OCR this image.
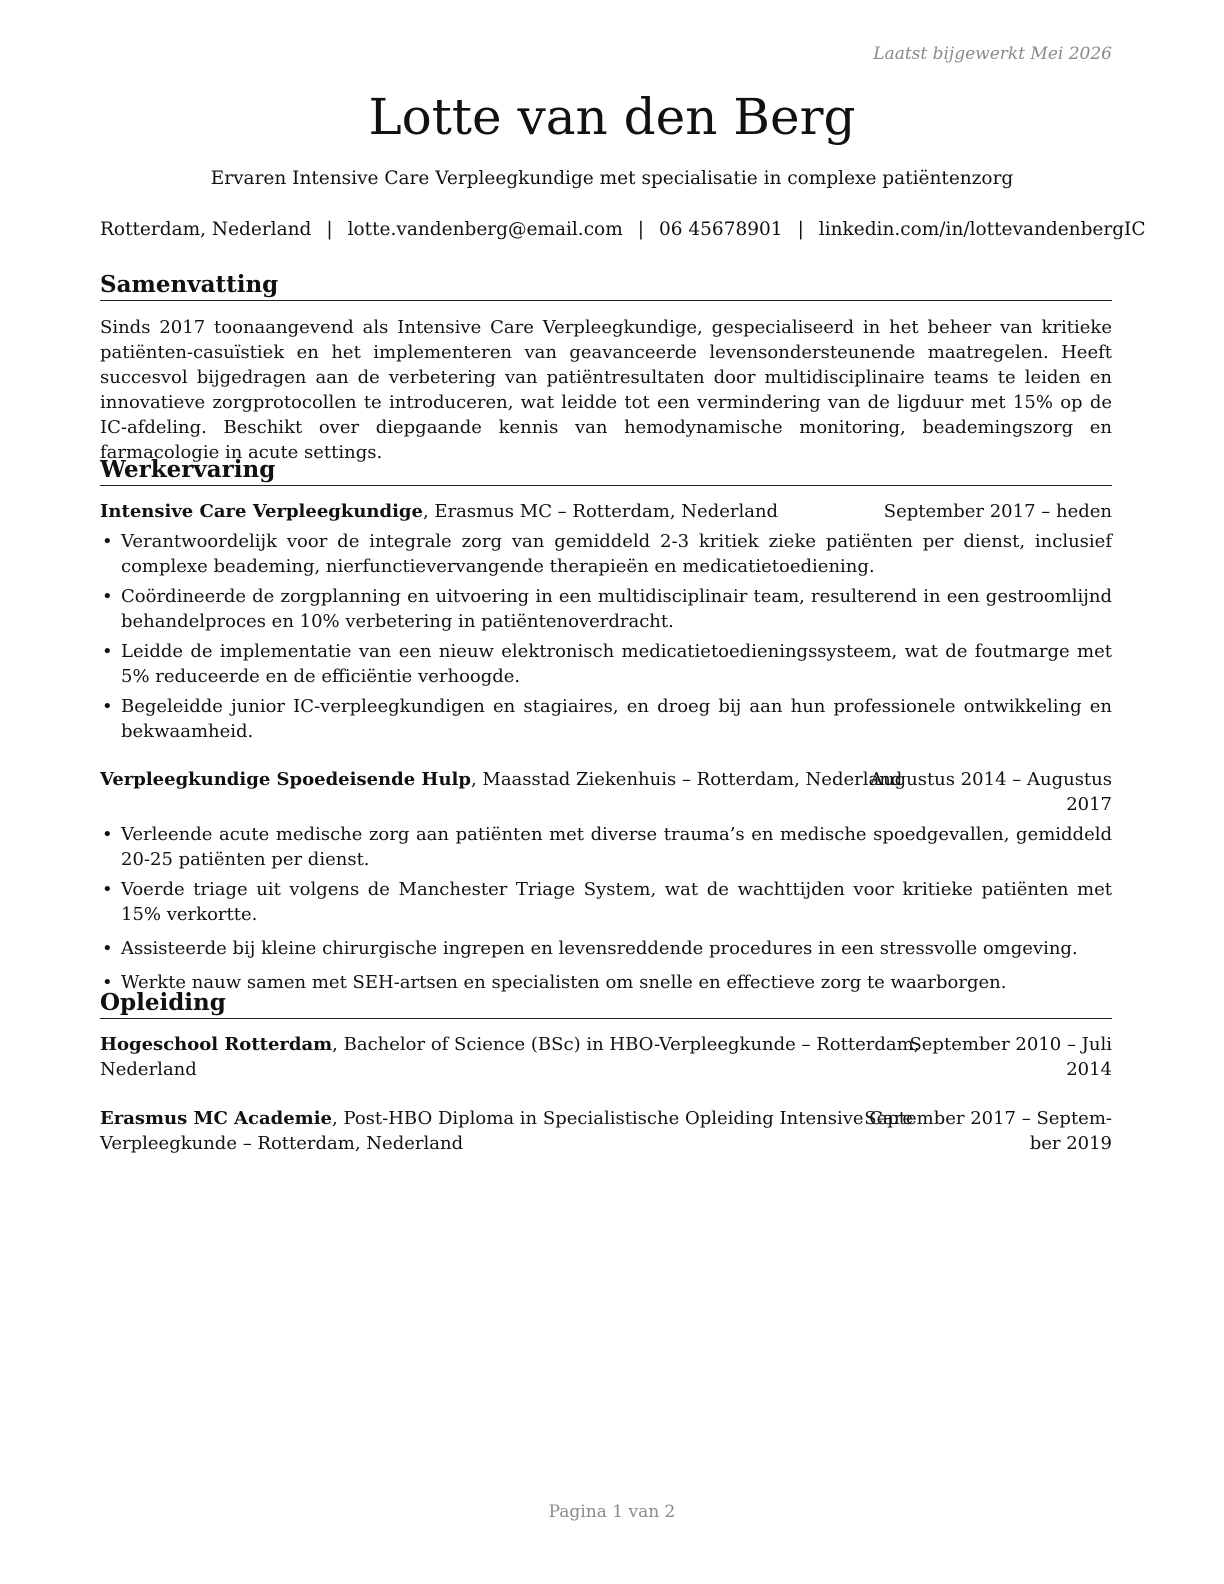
Laatst bijgewerkt Mei 2026
Lotte van den Berg
Ervaren Intensive Care Verpleegkundige met specialisatie in complexe patiëntenzorg
Rotterdam, Nederland | lotte.vandenberg@email.com | 06 45678901 | linkedin.com/in/lottevandenbergIC
Samenvatting
Sinds 2017 toonaangevend als Intensive Care Verpleegkundige, gespecialiseerd in het beheer van kritieke patiënten-casuïstiek en het implementeren van geavanceerde levensondersteunende maatregelen. Heeft succesvol bijgedragen aan de verbetering van patiëntresultaten door multidisciplinaire teams te leiden en innovatieve zorgprotocollen te introduceren, wat leidde tot een vermindering van de ligduur met 15% op de IC-afdeling. Beschikt over diepgaande kennis van hemodynamische monitoring, beademingszorg en farmacologie in acute settings.
Werkervaring
Intensive Care Verpleegkundige, Erasmus MC – Rotterdam, Nederland	September 2017 – heden
• Verantwoordelijk voor de integrale zorg van gemiddeld 2-3 kritiek zieke patiënten per dienst, inclusief complexe beademing, nierfunctievervangende therapieën en medicatietoediening.
• Coördineerde de zorgplanning en uitvoering in een multidisciplinair team, resulterend in een gestroomlijnd behandelproces en 10% verbetering in patiëntenoverdracht.
• Leidde de implementatie van een nieuw elektronisch medicatietoedieningssysteem, wat de foutmarge met 5% reduceerde en de efficiëntie verhoogde.
• Begeleidde junior IC-verpleegkundigen en stagiaires, en droeg bij aan hun professionele ontwikkeling en bekwaamheid.
Verpleegkundige Spoedeisende Hulp, Maasstad Ziekenhuis – Rotterdam, Nederland
Augustus 2014 – Augustus
2017
• Verleende acute medische zorg aan patiënten met diverse trauma’s en medische spoedgevallen, gemiddeld 20-25 patiënten per dienst.
• Voerde triage uit volgens de Manchester Triage System, wat de wachttijden voor kritieke patiënten met 15% verkortte.
• Assisteerde bij kleine chirurgische ingrepen en levensreddende procedures in een stressvolle omgeving.
• Werkte nauw samen met SEH-artsen en specialisten om snelle en effectieve zorg te waarborgen.
Opleiding
Hogeschool Rotterdam, Bachelor of Science (BSc) in HBO-Verpleegkunde – Rotterdam,
Nederland
September 2010 – Juli
2014
Erasmus MC Academie, Post-HBO Diploma in Specialistische Opleiding Intensive Care
Verpleegkunde – Rotterdam, Nederland
September 2017 – Septem-
ber 2019
Pagina 1 van 2
